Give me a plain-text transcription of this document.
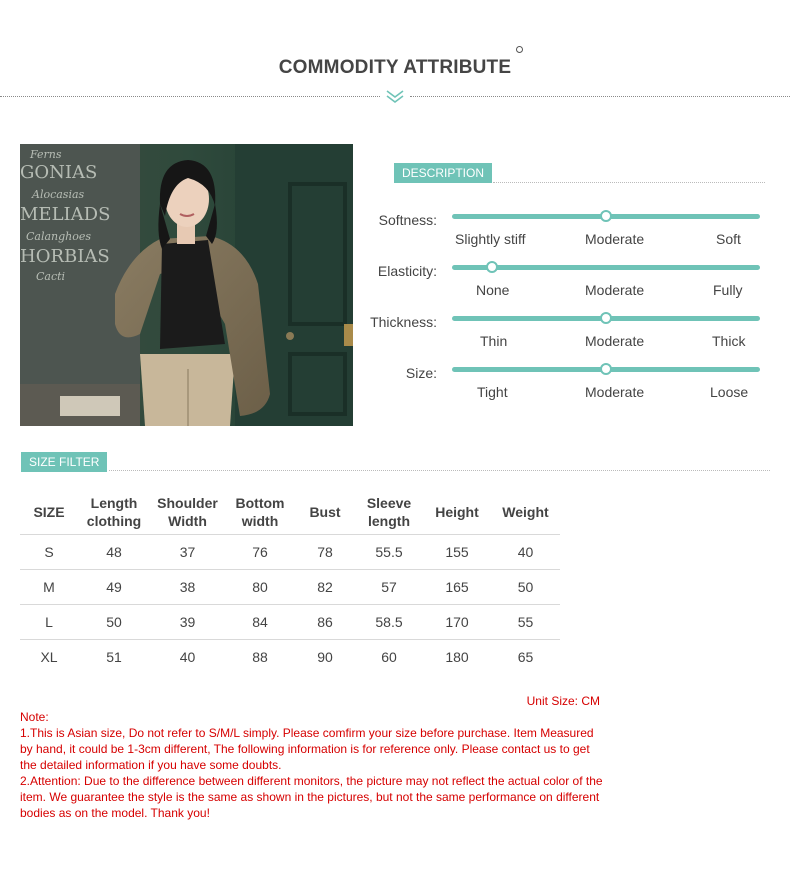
COMMODITY ATTRIBUTE
Ferns
GONIAS
Alocasias
MELIADS
Calanghoes
HORBIAS
Cacti
DESCRIPTION
Softness:
Slightly stiff	Moderate	Soft
Elasticity:
None	Moderate	Fully
Thickness:
Thin	Moderate	Thick
Size:
Tight	Moderate	Loose
SIZE FILTER
SIZE	Length clothing	Shoulder Width	Bottom width	Bust	Sleeve length	Height	Weight
S	48	37	76	78	55.5	155	40
M	49	38	80	82	57	165	50
L	50	39	84	86	58.5	170	55
XL	51	40	88	90	60	180	65
Unit Size: CM
Note:
1.This is Asian size, Do not refer to S/M/L simply. Please comfirm your size before purchase. Item Measured by hand, it could be 1-3cm different, The following information is for reference only. Please contact us to get the detailed information if you have some doubts.
2.Attention: Due to the difference between different monitors, the picture may not reflect the actual color of the item. We guarantee the style is the same as shown in the pictures, but not the same performance on different bodies as on the model. Thank you!
